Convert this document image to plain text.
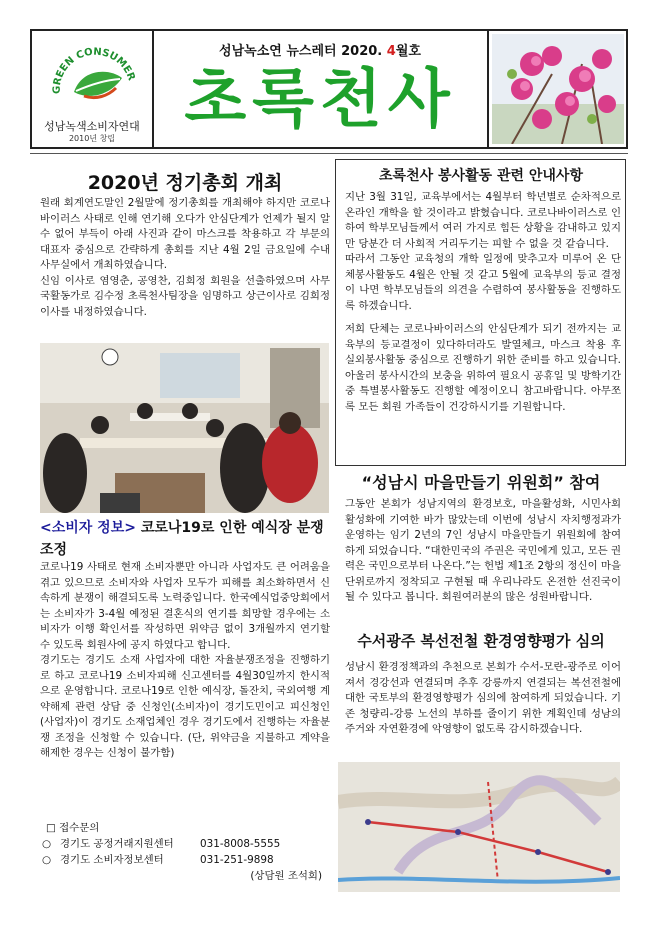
GREEN CONSUMER
성남녹색소비자연대
2010년 창립
성남녹소연 뉴스레터 2020. 4월호
초록천사
2020년 정기총회 개최

원래 회계연도말인 2월말에 정기총회를 개최해야 하지만 코로나바이러스 사태로 인해 연기해 오다가 안심단계가 언제가 될지 알 수 없어 부득이 아래 사진과 같이 마스크를 착용하고 각 부문의 대표자 중심으로 간략하게 총회를 지난 4월 2일 금요일에 수내사무실에서 개최하였습니다.

신임 이사로 염영춘, 공영찬, 김희정 회원을 선출하였으며 사무국활동가로 김수정 초록천사팀장을 임명하고 상근이사로 김희정이사를 내정하였습니다.

<소비자 정보> 코로나19로 인한 예식장 분쟁 조정

코로나19 사태로 현재 소비자뿐만 아니라 사업자도 큰 어려움을 겪고 있으므로 소비자와 사업자 모두가 피해를 최소화하면서 신속하게 분쟁이 해결되도록 노력중입니다. 한국예식업중앙회에서는 소비자가 3-4월 예정된 결혼식의 연기를 희망할 경우에는 소비자가 이행 확인서를 작성하면 위약금 없이 3개월까지 연기할 수 있도록 회원사에 공지 하였다고 합니다.

경기도는 경기도 소재 사업자에 대한 자율분쟁조정을 진행하기로 하고 코로나19 소비자피해 신고센터를 4월30일까지 한시적으로 운영합니다. 코로나19로 인한 예식장, 돌잔치, 국외여행 계약해제 관련 상담 중 신청인(소비자)이 경기도민이고 피신청인(사업자)이 경기도 소재업체인 경우 경기도에서 진행하는 자율분쟁 조정을 신청할 수 있습니다. (단, 위약금을 지불하고 계약을 해제한 경우는 신청이 불가함)

□ 접수문의
○ 경기도 공정거래지원센터	031-8008-5555
○ 경기도 소비자정보센터	031-251-9898
(상담원 조석희)
초록천사 봉사활동 관련 안내사항

지난 3월 31일, 교육부에서는 4월부터 학년별로 순차적으로 온라인 개학을 할 것이라고 밝혔습니다. 코로나바이러스로 인하여 학부모님들께서 여러 가지로 힘든 상황을 감내하고 있지만 당분간 더 사회적 거리두기는 피할 수 없을 것 같습니다.

따라서 그동안 교육청의 개학 일정에 맞추고자 미루어 온 단체봉사활동도 4월은 안될 것 같고 5월에 교육부의 등교 결정이 나면 학부모님들의 의견을 수렴하여 봉사활동을 진행하도록 하겠습니다.

저희 단체는 코로나바이러스의 안심단계가 되기 전까지는 교육부의 등교결정이 있다하더라도 발열체크, 마스크 착용 후 실외봉사활동 중심으로 진행하기 위한 준비를 하고 있습니다. 아울러 봉사시간의 보충을 위하여 필요시 공휴일 및 방학기간 중 특별봉사활동도 진행할 예정이오니 참고바랍니다. 아무쪼록 모든 회원 가족들이 건강하시기를 기원합니다.

“성남시 마을만들기 위원회” 참여

그동안 본회가 성남지역의 환경보호, 마을활성화, 시민사회 활성화에 기여한 바가 많았는데 이번에 성남시 자치행정과가 운영하는 임기 2년의 7인 성남시 마을만들기 위원회에 참여하게 되었습니다. “대한민국의 주권은 국민에게 있고, 모든 권력은 국민으로부터 나온다.”는 헌법 제1조 2항의 정신이 마을 단위로까지 정착되고 구현될 때 우리나라도 온전한 선진국이 될 수 있다고 봅니다. 회원여러분의 많은 성원바랍니다.

수서광주 복선전철 환경영향평가 심의

성남시 환경정책과의 추천으로 본회가 수서-모란-광주로 이어져서 경강선과 연결되며 추후 강릉까지 연결되는 복선전철에 대한 국토부의 환경영향평가 심의에 참여하게 되었습니다. 기존 청량리-강릉 노선의 부하를 줄이기 위한 계획인데 성남의 주거와 자연환경에 악영향이 없도록 감시하겠습니다.
